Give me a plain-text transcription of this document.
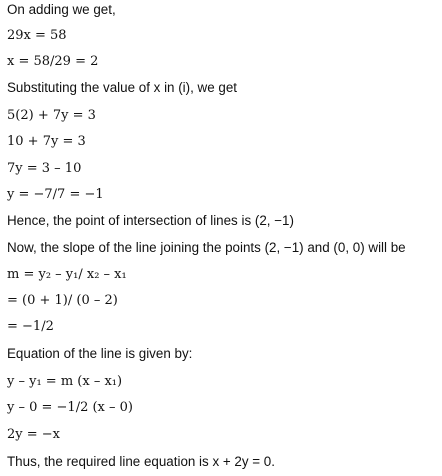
On adding we get,
29x = 58
x = 58/29 = 2
Substituting the value of x in (i), we get
5(2) + 7y = 3
10 + 7y = 3
7y = 3 – 10
y = −7/7 = −1
Hence, the point of intersection of lines is (2, −1)
Now, the slope of the line joining the points (2, −1) and (0, 0) will be
m = y₂ – y₁/ x₂ – x₁
= (0 + 1)/ (0 – 2)
= −1/2
Equation of the line is given by:
y – y₁ = m (x – x₁)
y – 0 = −1/2 (x – 0)
2y = −x
Thus, the required line equation is x + 2y = 0.
